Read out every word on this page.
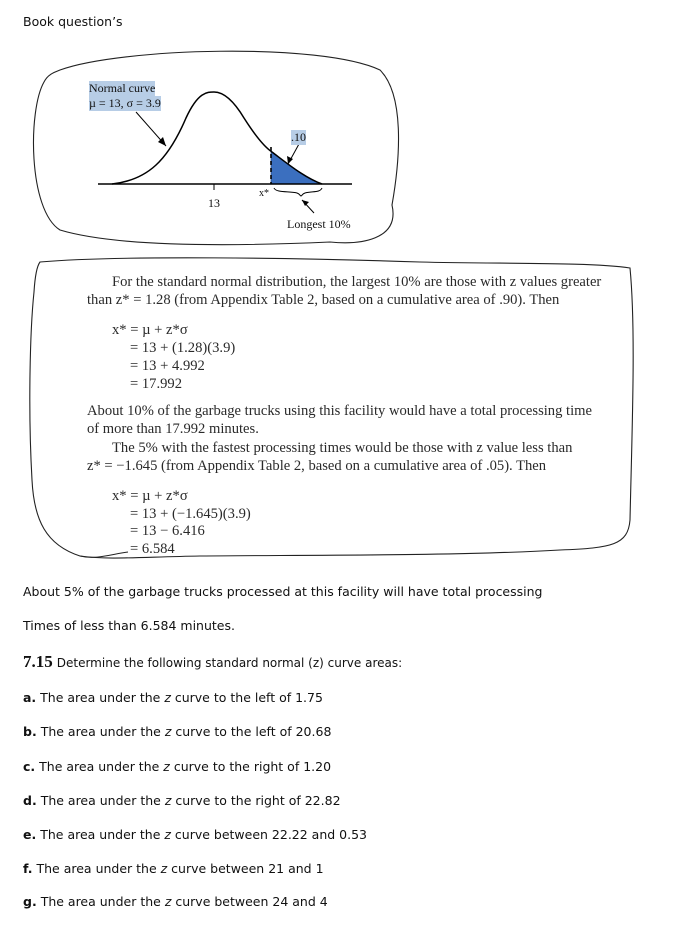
Book question’s
Normal curve
µ = 13, σ = 3.9
.10
13
x*
Longest 10%
For the standard normal distribution, the largest 10% are those with z values greater
than z* = 1.28 (from Appendix Table 2, based on a cumulative area of .90). Then
x* = µ + z*σ
= 13 + (1.28)(3.9)
= 13 + 4.992
= 17.992
About 10% of the garbage trucks using this facility would have a total processing time
of more than 17.992 minutes.
The 5% with the fastest processing times would be those with z value less than
z* = −1.645 (from Appendix Table 2, based on a cumulative area of .05). Then
x* = µ + z*σ
= 13 + (−1.645)(3.9)
= 13 − 6.416
= 6.584
About 5% of the garbage trucks processed at this facility will have total processing
Times of less than 6.584 minutes.
7.15 Determine the following standard normal (z) curve areas:
a. The area under the z curve to the left of 1.75
b. The area under the z curve to the left of 20.68
c. The area under the z curve to the right of 1.20
d. The area under the z curve to the right of 22.82
e. The area under the z curve between 22.22 and 0.53
f. The area under the z curve between 21 and 1
g. The area under the z curve between 24 and 4
